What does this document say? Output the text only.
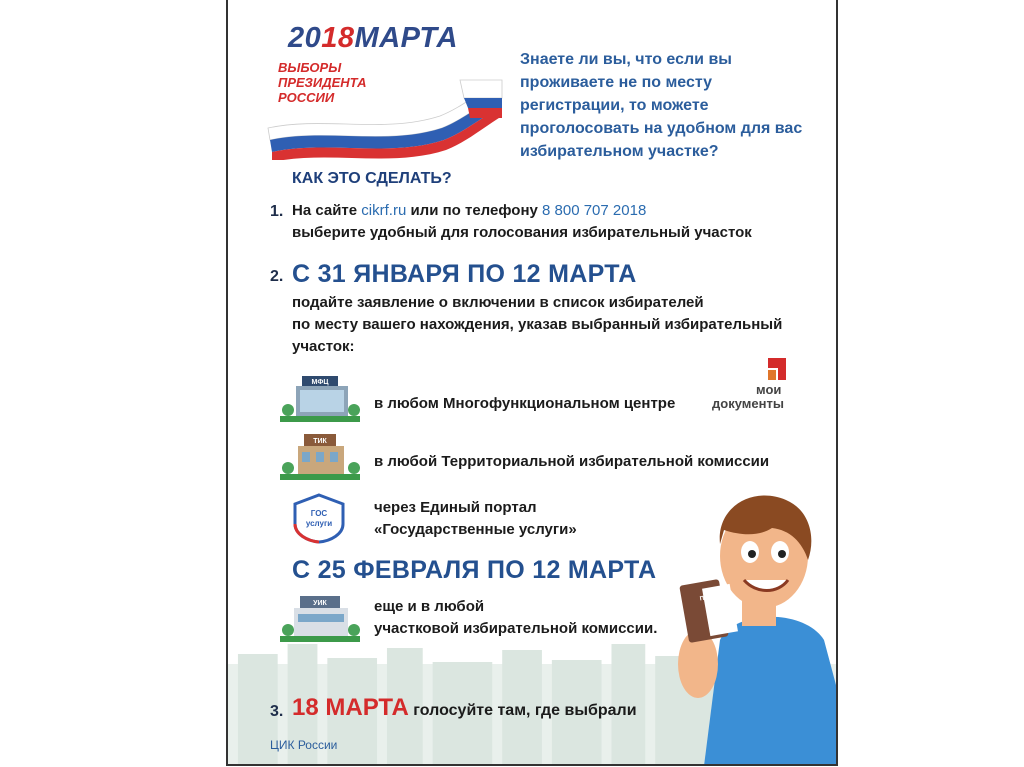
2018МАРТА
ВЫБОРЫ
ПРЕЗИДЕНТА
РОССИИ
Знаете ли вы, что если вы проживаете не по месту регистрации, то можете проголосовать на удобном для вас избирательном участке?
КАК ЭТО СДЕЛАТЬ?
1. На сайте cikrf.ru или по телефону 8 800 707 2018
выберите удобный для голосования избирательный участок
2. С 31 ЯНВАРЯ ПО 12 МАРТА
подайте заявление о включении в список избирателей
по месту вашего нахождения, указав выбранный избирательный
участок:
МФЦ
в любом Многофункциональном центре
мои
документы
ТИК
в любой Территориальной избирательной комиссии
ГОС
услуги
через Единый портал
«Государственные услуги»
С 25 ФЕВРАЛЯ ПО 12 МАРТА
УИК	еще и в любой
участковой избирательной комиссии.
ПАСПОРТ
3. 18 МАРТА голосуйте там, где выбрали
ЦИК России
